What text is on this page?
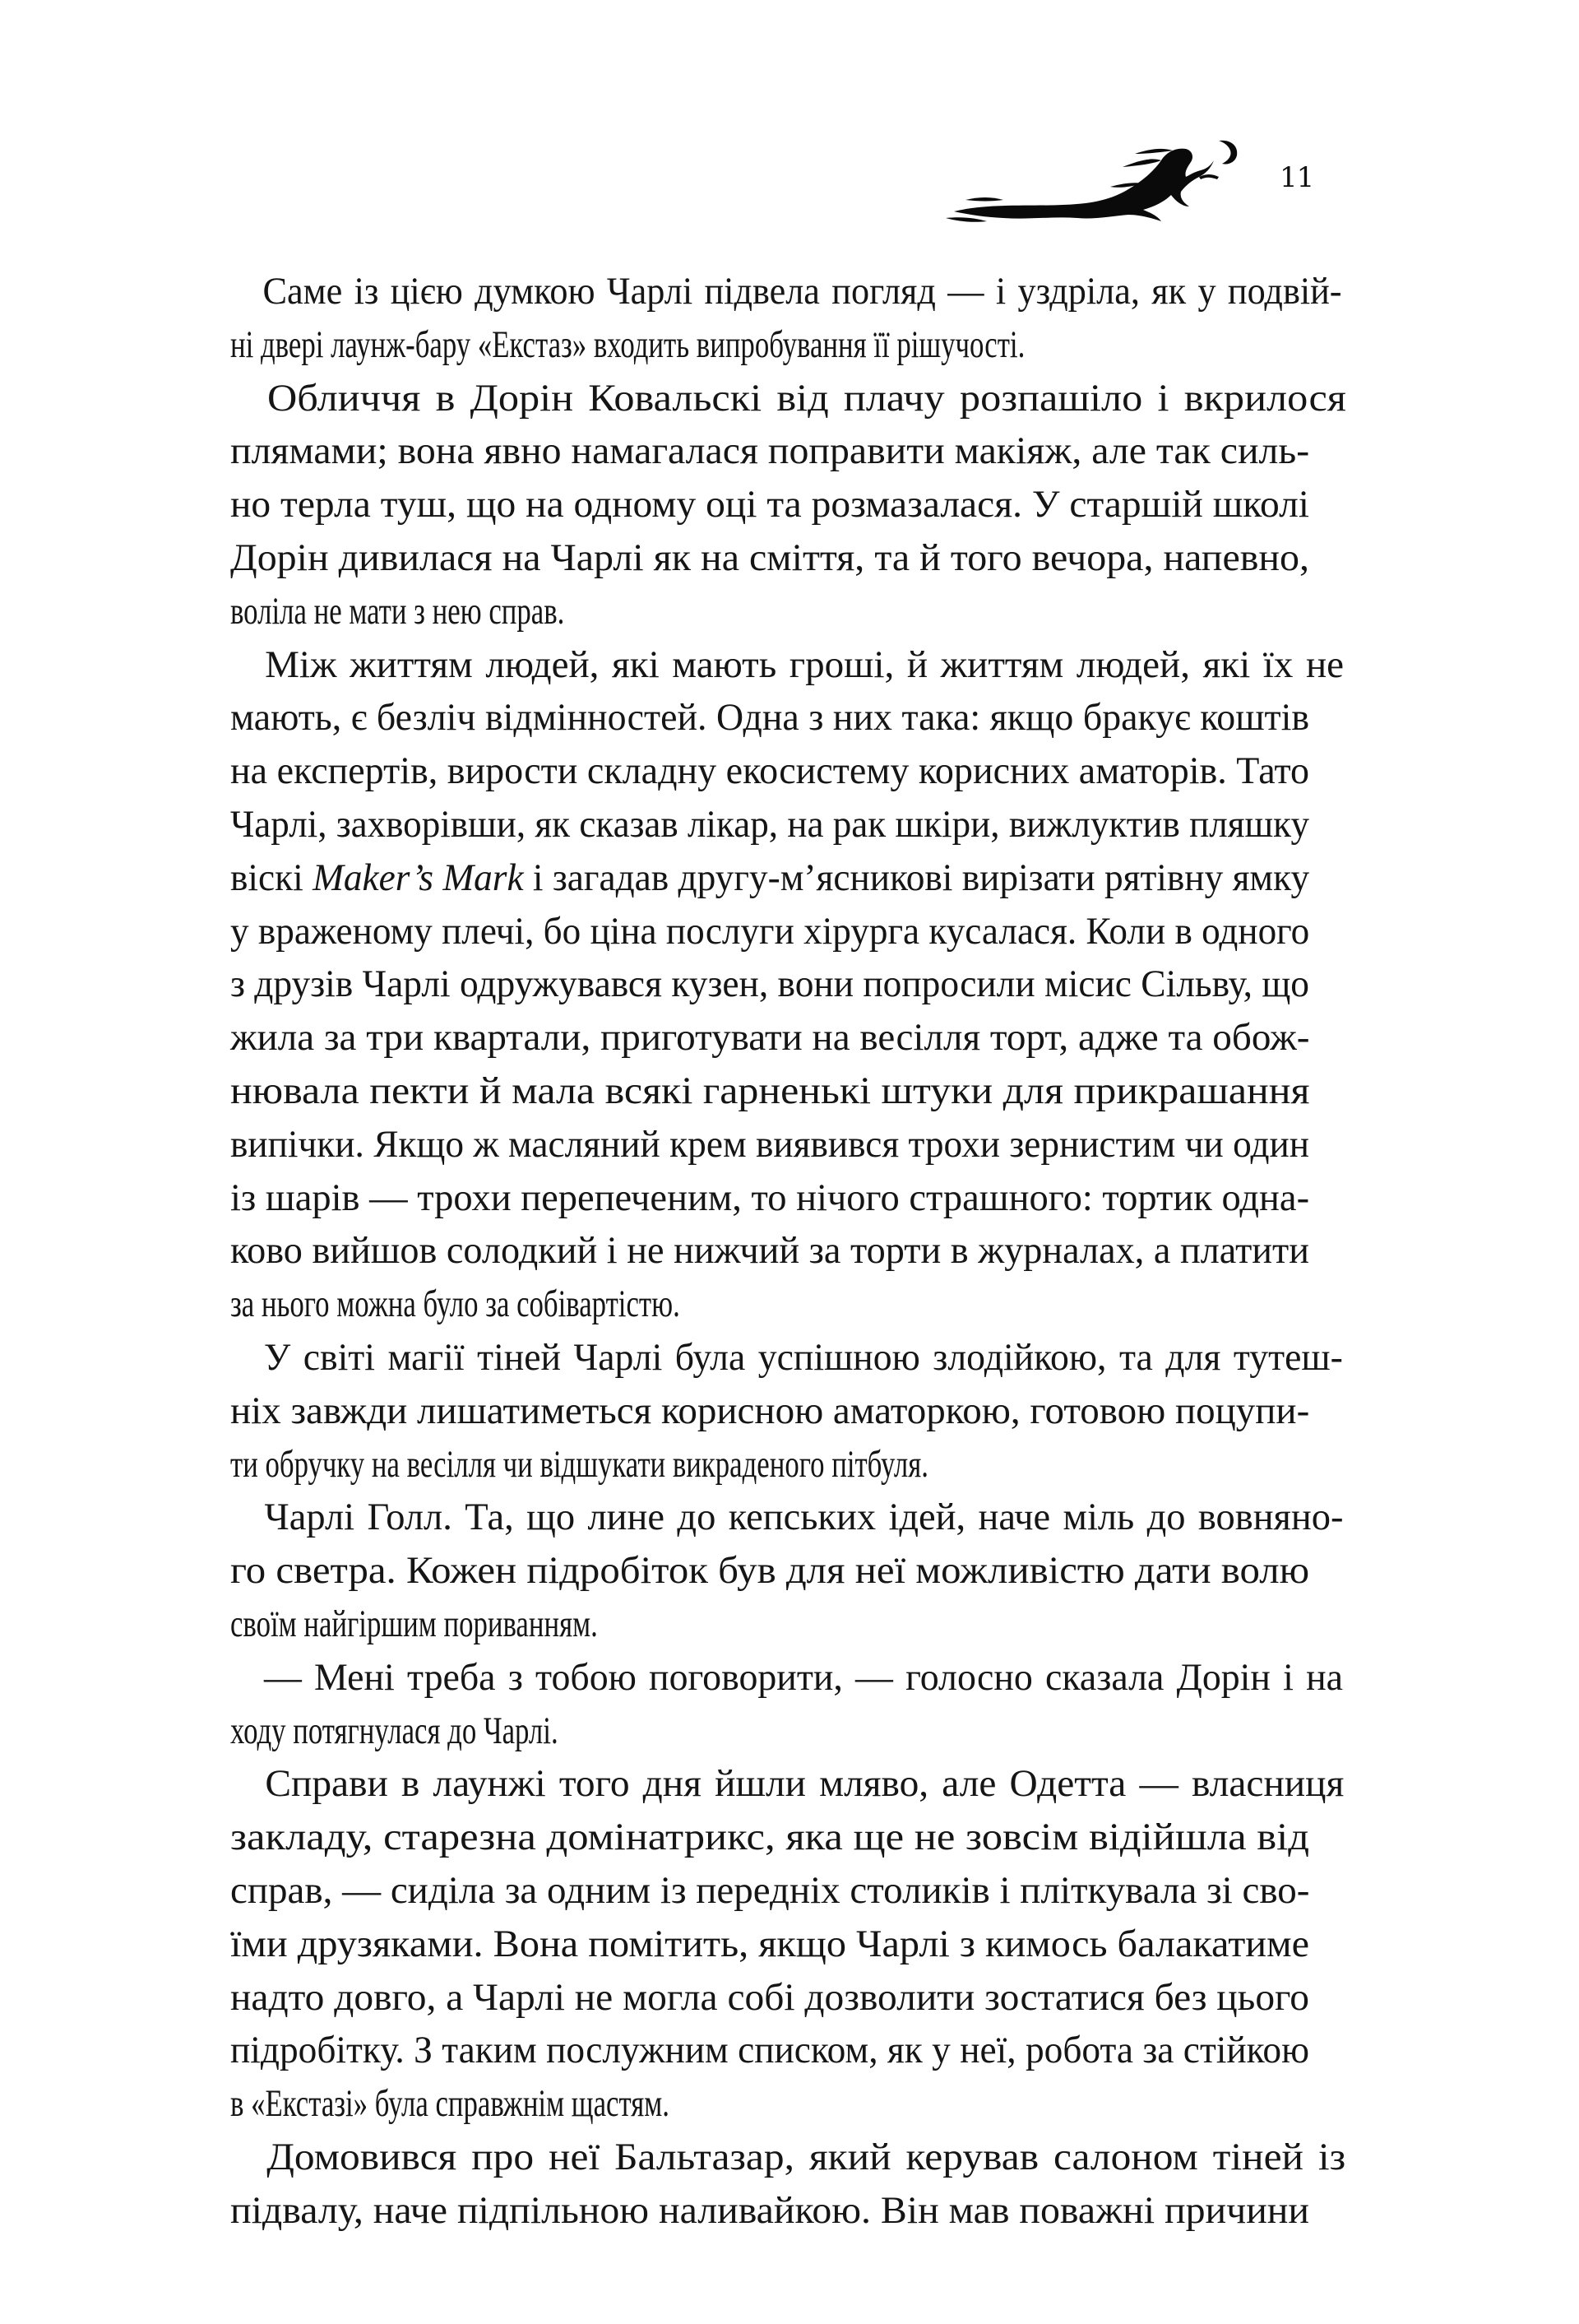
11
Саме із цією думкою Чарлі підвела погляд — і уздріла, як у подвій-
ні двері лаунж-бару «Екстаз» входить випробування її рішучості.
Обличчя в Дорін Ковальскі від плачу розпашіло і вкрилося
плямами; вона явно намагалася поправити макіяж, але так силь-
но терла туш, що на одному оці та розмазалася. У старшій школі
Дорін дивилася на Чарлі як на сміття, та й того вечора, напевно,
воліла не мати з нею справ.
Між життям людей, які мають гроші, й життям людей, які їх не
мають, є безліч відмінностей. Одна з них така: якщо бракує коштів
на експертів, вирости складну екосистему корисних аматорів. Тато
Чарлі, захворівши, як сказав лікар, на рак шкіри, вижлуктив пляшку
віскі Maker’s Mark і загадав другу-м’ясникові вирізати рятівну ямку
у враженому плечі, бо ціна послуги хірурга кусалася. Коли в одного
з друзів Чарлі одружувався кузен, вони попросили місис Сільву, що
жила за три квартали, приготувати на весілля торт, адже та обож-
нювала пекти й мала всякі гарненькі штуки для прикрашання
випічки. Якщо ж масляний крем виявився трохи зернистим чи один
із шарів — трохи перепеченим, то нічого страшного: тортик одна-
ково вийшов солодкий і не нижчий за торти в журналах, а платити
за нього можна було за собівартістю.
У світі магії тіней Чарлі була успішною злодійкою, та для тутеш-
ніх завжди лишатиметься корисною аматоркою, готовою поцупи-
ти обручку на весілля чи відшукати викраденого пітбуля.
Чарлі Голл. Та, що лине до кепських ідей, наче міль до вовняно-
го светра. Кожен підробіток був для неї можливістю дати волю
своїм найгіршим пориванням.
— Мені треба з тобою поговорити, — голосно сказала Дорін і на
ходу потягнулася до Чарлі.
Справи в лаунжі того дня йшли мляво, але Одетта — власниця
закладу, старезна домінатрикс, яка ще не зовсім відійшла від
справ, — сиділа за одним із передніх столиків і пліткувала зі сво-
їми друзяками. Вона помітить, якщо Чарлі з кимось балакатиме
надто довго, а Чарлі не могла собі дозволити зостатися без цього
підробітку. З таким послужним списком, як у неї, робота за стійкою
в «Екстазі» була справжнім щастям.
Домовився про неї Бальтазар, який керував салоном тіней із
підвалу, наче підпільною наливайкою. Він мав поважні причини
